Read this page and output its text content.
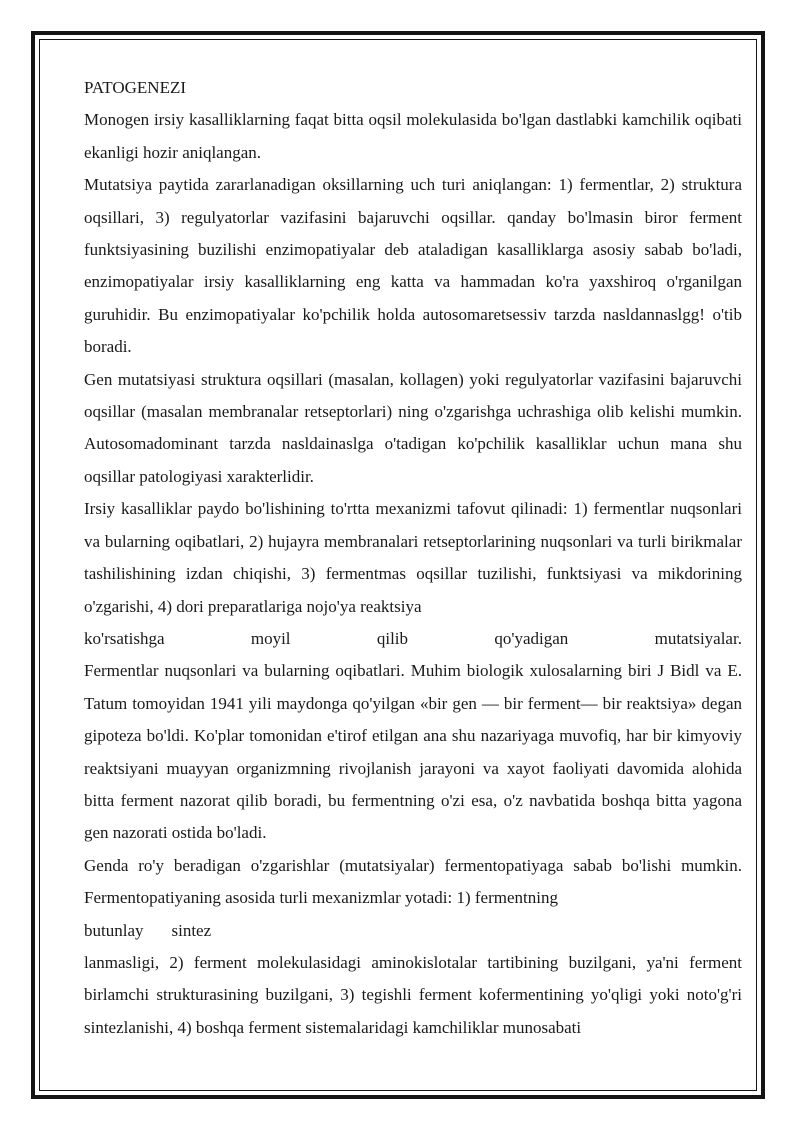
PATOGENEZI

Monogen irsiy kasalliklarning faqat bitta oqsil molekulasida bo'lgan dastlabki kamchilik oqibati ekanligi hozir aniqlangan.

Mutatsiya paytida zararlanadigan oksillarning uch turi aniqlangan: 1) fermentlar, 2) struktura oqsillari, 3) regulyatorlar vazifasini bajaruvchi oqsillar. qanday bo'lmasin biror ferment funktsiyasining buzilishi enzimopatiyalar deb ataladigan kasalliklarga asosiy sabab bo'ladi, enzimopatiyalar irsiy kasalliklarning eng katta va hammadan ko'ra yaxshiroq o'rganilgan guruhidir. Bu enzimopatiyalar ko'pchilik holda autosomaretsessiv tarzda nasldannaslgg! o'tib boradi.

Gen mutatsiyasi struktura oqsillari (masalan, kollagen) yoki regulyatorlar vazifasini bajaruvchi oqsillar (masalan membranalar retseptorlari) ning o'zgarishga uchrashiga olib kelishi mumkin. Autosomadominant tarzda nasldainaslga o'tadigan ko'pchilik kasalliklar uchun mana shu oqsillar patologiyasi xarakterlidir.

Irsiy kasalliklar paydo bo'lishining to'rtta mexanizmi tafovut qilinadi: 1) fermentlar nuqsonlari va bularning oqibatlari, 2) hujayra membranalari retseptorlarining nuqsonlari va turli birikmalar tashilishining izdan chiqishi, 3) fermentmas oqsillar tuzilishi, funktsiyasi va mikdorining o'zgarishi, 4) dori preparatlariga nojo'ya reaktsiya

ko'rsatishga	moyil	qilib	qo'yadigan	mutatsiyalar.

Fermentlar nuqsonlari va bularning oqibatlari. Muhim biologik xulosalarning biri J Bidl va E. Tatum tomoyidan 1941 yili maydonga qo'yilgan «bir gen — bir ferment— bir reaktsiya» degan gipoteza bo'ldi. Ko'plar tomonidan e'tirof etilgan ana shu nazariyaga muvofiq, har bir kimyoviy reaktsiyani muayyan organizmning rivojlanish jarayoni va xayot faoliyati davomida alohida bitta ferment nazorat qilib boradi, bu fermentning o'zi esa, o'z navbatida boshqa bitta yagona gen nazorati ostida bo'ladi.

Genda ro'y beradigan o'zgarishlar (mutatsiyalar) fermentopatiyaga sabab bo'lishi mumkin. Fermentopatiyaning asosida turli mexanizmlar yotadi: 1) fermentning

butunlay sintez

lanmasligi, 2) ferment molekulasidagi aminokislotalar tartibining buzilgani, ya'ni ferment birlamchi strukturasining buzilgani, 3) tegishli ferment kofermentining yo'qligi yoki noto'g'ri sintezlanishi, 4) boshqa ferment sistemalaridagi kamchiliklar munosabati
